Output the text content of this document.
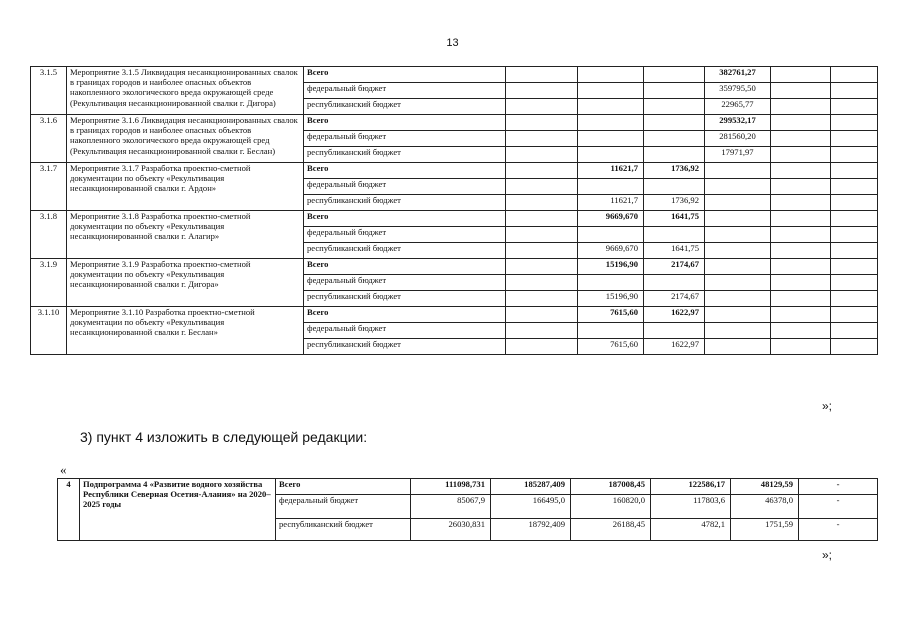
13
3.1.5	Мероприятие 3.1.5 Ликвидация несанкционированных свалок в границах городов и наиболее опасных объектов накопленного экологического вреда окружающей среде (Рекультивация несанкционированной свалки г. Дигора)	Всего				382761,27		
		федеральный бюджет				359795,50		
		республиканский бюджет				22965,77		
3.1.6	Мероприятие 3.1.6 Ликвидация несанкционированных свалок в границах городов и наиболее опасных объектов накопленного экологического вреда окружающей сред (Рекультивация несанкционированной свалки г. Беслан)	Всего				299532,17		
		федеральный бюджет				281560,20		
		республиканский бюджет				17971,97		
3.1.7	Мероприятие 3.1.7 Разработка проектно-сметной документации по объекту «Рекультивация несанкционированной свалки г. Ардон»	Всего		11621,7	1736,92			
		федеральный бюджет						
		республиканский бюджет		11621,7	1736,92			
3.1.8	Мероприятие 3.1.8 Разработка проектно-сметной документации по объекту «Рекультивация несанкционированной свалки г. Алагир»	Всего		9669,670	1641,75			
		федеральный бюджет						
		республиканский бюджет		9669,670	1641,75			
3.1.9	Мероприятие 3.1.9 Разработка проектно-сметной документации по объекту «Рекультивация несанкционированной свалки г. Дигора»	Всего		15196,90	2174,67			
		федеральный бюджет						
		республиканский бюджет		15196,90	2174,67			
3.1.10	Мероприятие 3.1.10 Разработка проектно-сметной документации по объекту «Рекультивация несанкционированной свалки г. Беслан»	Всего		7615,60	1622,97			
		федеральный бюджет						
		республиканский бюджет		7615,60	1622,97			
»;
3) пункт 4 изложить в следующей редакции:
«
4	Подпрограмма 4 «Развитие водного хозяйства Республики Северная Осетия-Алания» на 2020– 2025 годы	Всего	111098,731	185287,409	187008,45	122586,17	48129,59	-
		федеральный бюджет	85067,9	166495,0	160820,0	117803,6	46378,0	-
		республиканский бюджет	26030,831	18792,409	26188,45	4782,1	1751,59	-
»;
